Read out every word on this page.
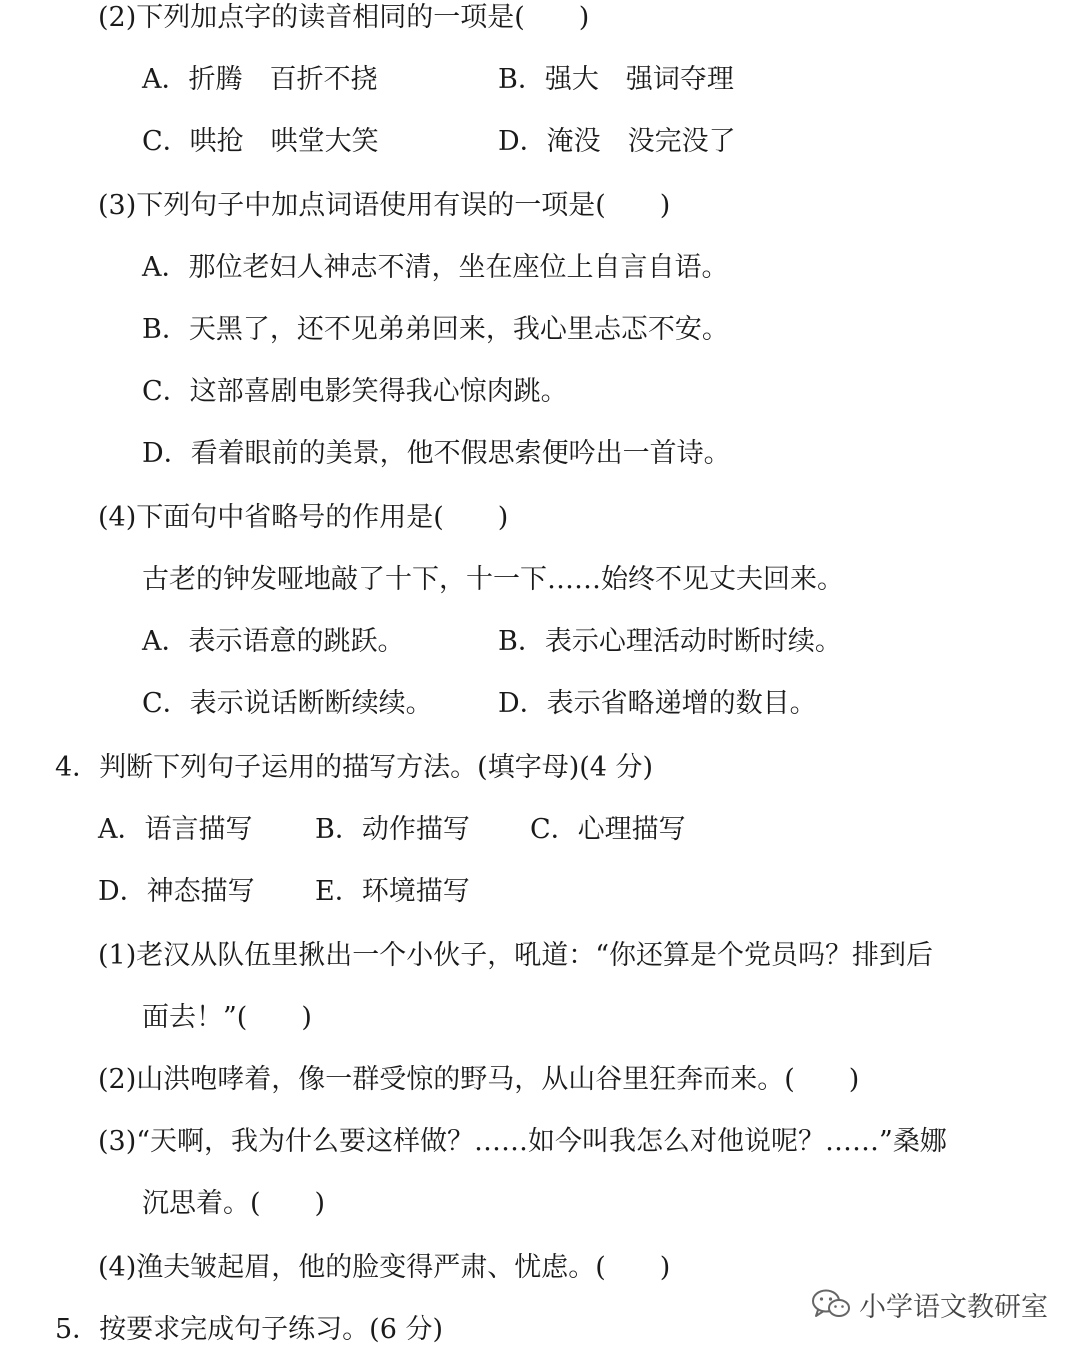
(2)下列加点字的读音相同的一项是(　　)
A．折腾　百折不挠	B．强大　强词夺理
C．哄抢　哄堂大笑	D．淹没　没完没了
(3)下列句子中加点词语使用有误的一项是(　　)
A．那位老妇人神志不清，坐在座位上自言自语。
B．天黑了，还不见弟弟回来，我心里忐忑不安。
C．这部喜剧电影笑得我心惊肉跳。
D．看着眼前的美景，他不假思索便吟出一首诗。
(4)下面句中省略号的作用是(　　)
古老的钟发哑地敲了十下，十一下……始终不见丈夫回来。
A．表示语意的跳跃。	B．表示心理活动时断时续。
C．表示说话断断续续。 D．表示省略递增的数目。
4．判断下列句子运用的描写方法。(填字母)(4 分)
A．语言描写 B．动作描写 C．心理描写
D．神态描写 E．环境描写
(1)老汉从队伍里揪出一个小伙子，吼道：“你还算是个党员吗？排到后
面去！”(　　)
(2)山洪咆哮着，像一群受惊的野马，从山谷里狂奔而来。(　　)
(3)“天啊，我为什么要这样做？……如今叫我怎么对他说呢？……”桑娜
沉思着。(　　)
(4)渔夫皱起眉，他的脸变得严肃、忧虑。(　　)
5．按要求完成句子练习。(6 分)
小学语文教研室
